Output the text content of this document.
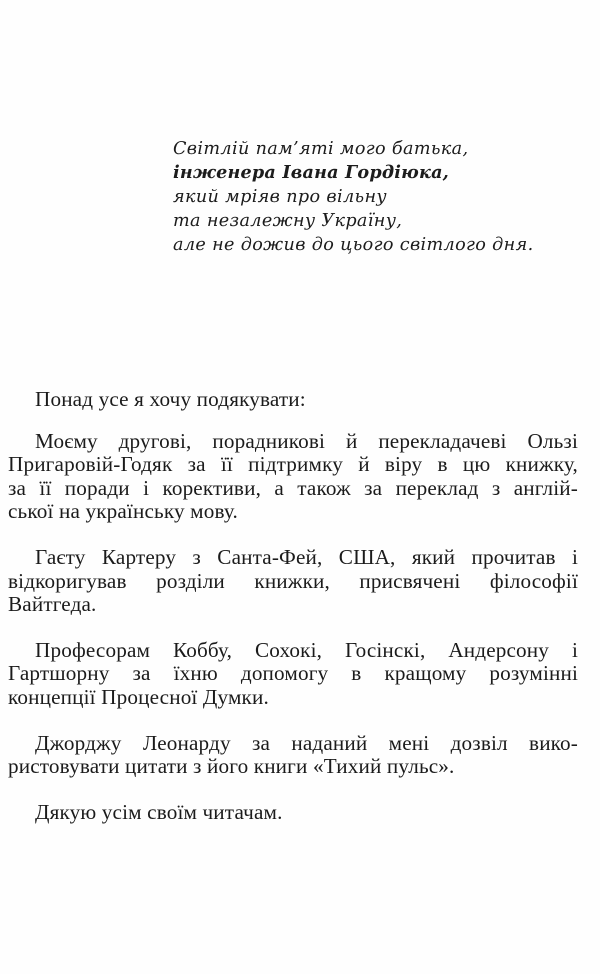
Світлій пам’яті мого батька,
інженера Івана Гордіюка,
який мріяв про вільну
та незалежну Україну,
але не дожив до цього світлого дня.

Понад усе я хочу подякувати:

Моєму другові, порадникові й перекладачеві Ользі
Пригаровій-Годяк за її підтримку й віру в цю книжку,
за її поради і корективи, а також за переклад з англій-
ської на українську мову.

Гаєту Картеру з Санта-Фей, США, який прочитав і
відкоригував розділи книжки, присвячені філософії
Вайтгеда.

Професорам Коббу, Сохокі, Госінскі, Андерсону і
Гартшорну за їхню допомогу в кращому розумінні
концепції Процесної Думки.

Джорджу Леонарду за наданий мені дозвіл вико-
ристовувати цитати з його книги «Тихий пульс».

Дякую усім своїм читачам.
